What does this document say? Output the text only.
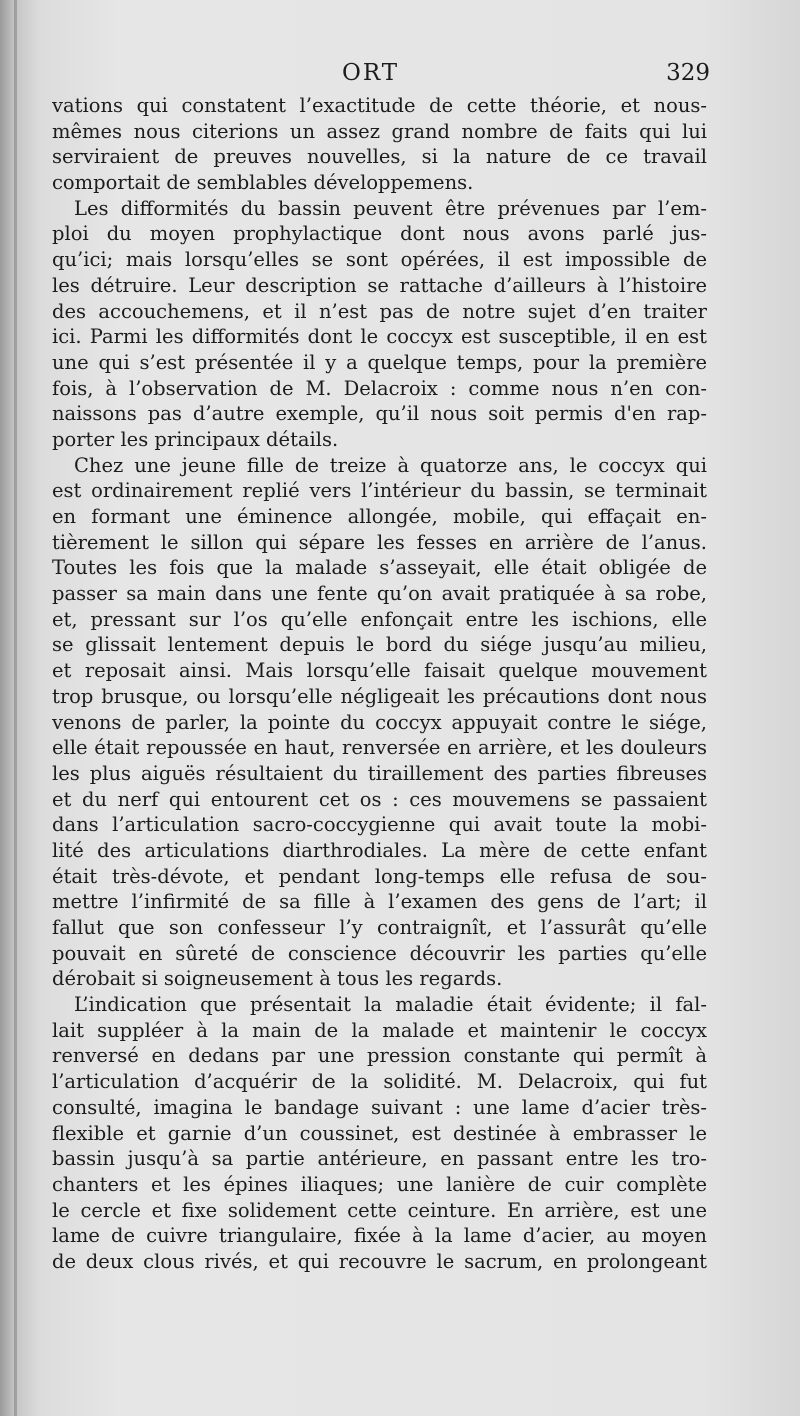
ORT	329
vations qui constatent l’exactitude de cette théorie, et nous-
mêmes nous citerions un assez grand nombre de faits qui lui
serviraient de preuves nouvelles, si la nature de ce travail
comportait de semblables développemens.
Les difformités du bassin peuvent être prévenues par l’em-
ploi du moyen prophylactique dont nous avons parlé jus-
qu’ici; mais lorsqu’elles se sont opérées, il est impossible de
les détruire. Leur description se rattache d’ailleurs à l’histoire
des accouchemens, et il n’est pas de notre sujet d’en traiter
ici. Parmi les difformités dont le coccyx est susceptible, il en est
une qui s’est présentée il y a quelque temps, pour la première
fois, à l’observation de M. Delacroix : comme nous n’en con-
naissons pas d’autre exemple, qu’il nous soit permis d'en rap-
porter les principaux détails.
Chez une jeune fille de treize à quatorze ans, le coccyx qui
est ordinairement replié vers l’intérieur du bassin, se terminait
en formant une éminence allongée, mobile, qui effaçait en-
tièrement le sillon qui sépare les fesses en arrière de l’anus.
Toutes les fois que la malade s’asseyait, elle était obligée de
passer sa main dans une fente qu’on avait pratiquée à sa robe,
et, pressant sur l’os qu’elle enfonçait entre les ischions, elle
se glissait lentement depuis le bord du siége jusqu’au milieu,
et reposait ainsi. Mais lorsqu’elle faisait quelque mouvement
trop brusque, ou lorsqu’elle négligeait les précautions dont nous
venons de parler, la pointe du coccyx appuyait contre le siége,
elle était repoussée en haut, renversée en arrière, et les douleurs
les plus aiguës résultaient du tiraillement des parties fibreuses
et du nerf qui entourent cet os : ces mouvemens se passaient
dans l’articulation sacro-coccygienne qui avait toute la mobi-
lité des articulations diarthrodiales. La mère de cette enfant
était très-dévote, et pendant long-temps elle refusa de sou-
mettre l’infirmité de sa fille à l’examen des gens de l’art; il
fallut que son confesseur l’y contraignît, et l’assurât qu’elle
pouvait en sûreté de conscience découvrir les parties qu’elle
dérobait si soigneusement à tous les regards.
L’indication que présentait la maladie était évidente; il fal-
lait suppléer à la main de la malade et maintenir le coccyx
renversé en dedans par une pression constante qui permît à
l’articulation d’acquérir de la solidité. M. Delacroix, qui fut
consulté, imagina le bandage suivant : une lame d’acier très-
flexible et garnie d’un coussinet, est destinée à embrasser le
bassin jusqu’à sa partie antérieure, en passant entre les tro-
chanters et les épines iliaques; une lanière de cuir complète
le cercle et fixe solidement cette ceinture. En arrière, est une
lame de cuivre triangulaire, fixée à la lame d’acier, au moyen
de deux clous rivés, et qui recouvre le sacrum, en prolongeant
